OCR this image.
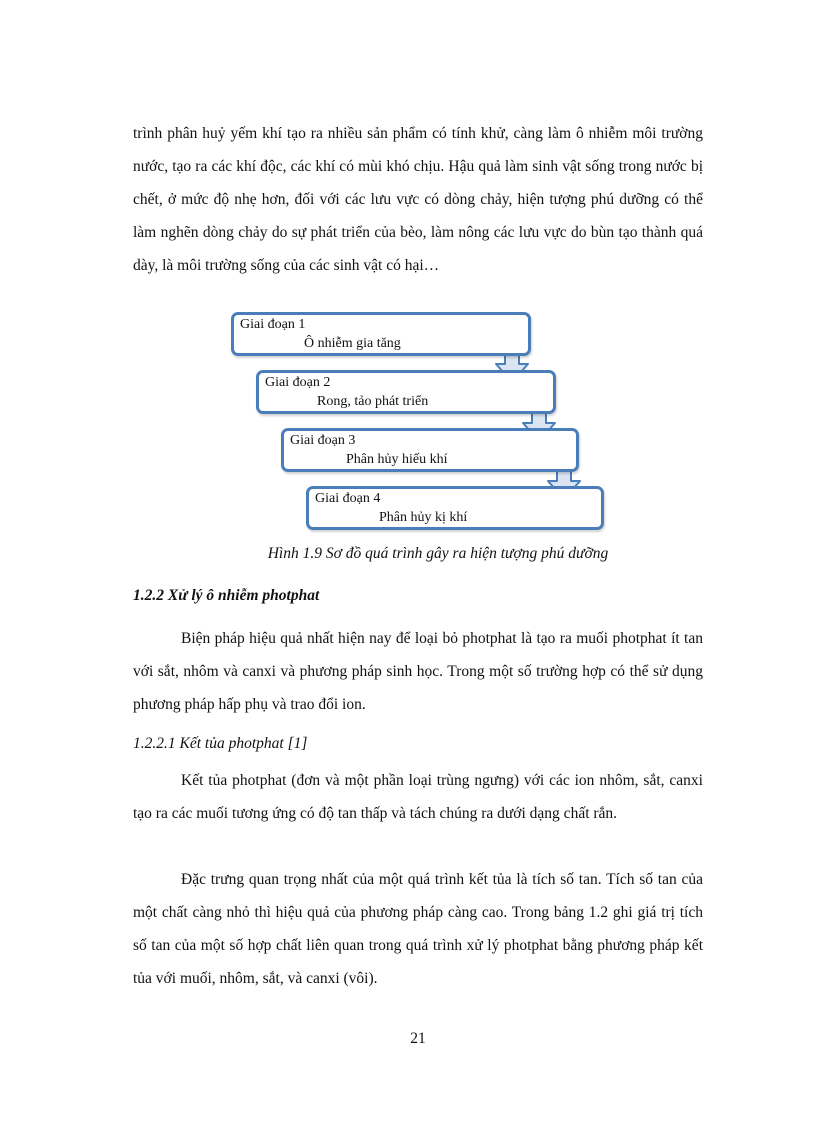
trình phân huỷ yếm khí tạo ra nhiều sản phẩm có tính khử, càng làm ô nhiễm môi trường nước, tạo ra các khí độc, các khí có mùi khó chịu. Hậu quả làm sinh vật sống trong nước bị chết, ở mức độ nhẹ hơn, đối với các lưu vực có dòng chảy, hiện tượng phú dưỡng có thể làm nghẽn dòng chảy do sự phát triển của bèo, làm nông các lưu vực do bùn tạo thành quá dày, là môi trường sống của các sinh vật có hại…

Giai đoạn 1
Ô nhiễm gia tăng
Giai đoạn 2
Rong, tảo phát triển
Giai đoạn 3
Phân hủy hiếu khí
Giai đoạn 4
Phân hủy kị khí

Hình 1.9 Sơ đồ quá trình gây ra hiện tượng phú dưỡng

1.2.2 Xử lý ô nhiễm photphat

Biện pháp hiệu quả nhất hiện nay để loại bỏ photphat là tạo ra muối photphat ít tan với sắt, nhôm và canxi và phương pháp sinh học. Trong một số trường hợp có thể sử dụng phương pháp hấp phụ và trao đổi ion.

1.2.2.1 Kết tủa photphat [1]

Kết tủa photphat (đơn và một phần loại trùng ngưng) với các ion nhôm, sắt, canxi tạo ra các muối tương ứng có độ tan thấp và tách chúng ra dưới dạng chất rắn.

Đặc trưng quan trọng nhất của một quá trình kết tủa là tích số tan. Tích số tan của một chất càng nhỏ thì hiệu quả của phương pháp càng cao. Trong bảng 1.2 ghi giá trị tích số tan của một số hợp chất liên quan trong quá trình xử lý photphat bằng phương pháp kết tủa với muối, nhôm, sắt, và canxi (vôi).

21
